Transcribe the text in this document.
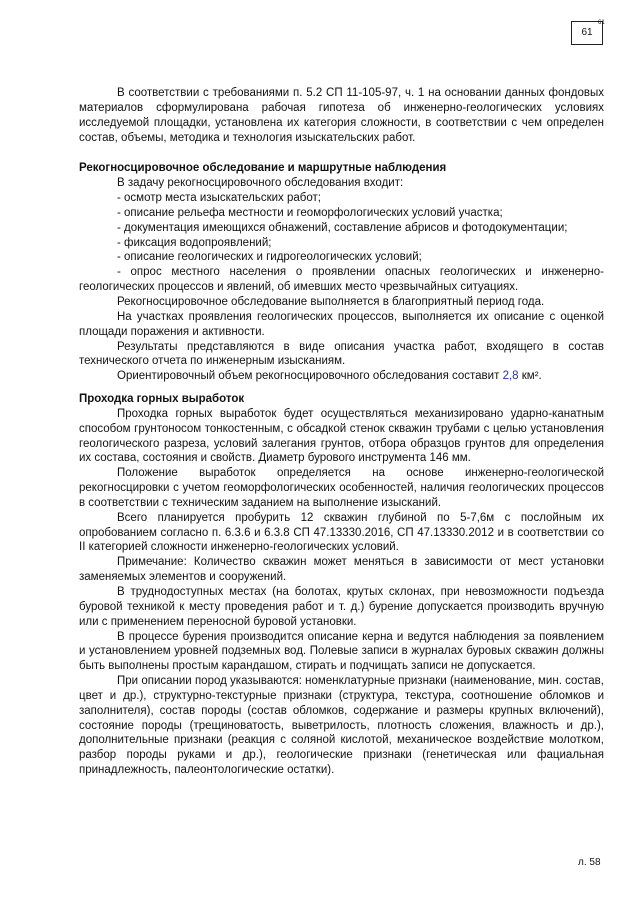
61
61

В соответствии с требованиями п. 5.2 СП 11-105-97, ч. 1 на основании данных фондовых материалов сформулирована рабочая гипотеза об инженерно-геологических условиях исследуемой площадки, установлена их категория сложности, в соответствии с чем определен состав, объемы, методика и технология изыскательских работ.

Рекогносцировочное обследование и маршрутные наблюдения

В задачу рекогносцировочного обследования входит:

- осмотр места изыскательских работ;

- описание рельефа местности и геоморфологических условий участка;

- документация имеющихся обнажений, составление абрисов и фотодокументации;

- фиксация водопроявлений;

- описание геологических и гидрогеологических условий;

- опрос местного населения о проявлении опасных геологических и инженерно-геологических процессов и явлений, об имевших место чрезвычайных ситуациях.

Рекогносцировочное обследование выполняется в благоприятный период года.

На участках проявления геологических процессов, выполняется их описание с оценкой площади поражения и активности.

Результаты представляются в виде описания участка работ, входящего в состав технического отчета по инженерным изысканиям.

Ориентировочный объем рекогносцировочного обследования составит 2,8 км².

Проходка горных выработок

Проходка горных выработок будет осуществляться механизировано ударно-канатным способом грунтоносом тонкостенным, с обсадкой стенок скважин трубами с целью установления геологического разреза, условий залегания грунтов, отбора образцов грунтов для определения их состава, состояния и свойств. Диаметр бурового инструмента 146 мм.

Положение выработок определяется на основе инженерно-геологической рекогносцировки с учетом геоморфологических особенностей, наличия геологических процессов в соответствии с техническим заданием на выполнение изысканий.

Всего планируется пробурить 12 скважин глубиной по 5-7,6м с послойным их опробованием согласно п. 6.3.6 и 6.3.8 СП 47.13330.2016, СП 47.13330.2012 и в соответствии со II категорией сложности инженерно-геологических условий.

Примечание: Количество скважин может меняться в зависимости от мест установки заменяемых элементов и сооружений.

В труднодоступных местах (на болотах, крутых склонах, при невозможности подъезда буровой техникой к месту проведения работ и т. д.) бурение допускается производить вручную или с применением переносной буровой установки.

В процессе бурения производится описание керна и ведутся наблюдения за появлением и установлением уровней подземных вод. Полевые записи в журналах буровых скважин должны быть выполнены простым карандашом, стирать и подчищать записи не допускается.

При описании пород указываются: номенклатурные признаки (наименование, мин. состав, цвет и др.), структурно-текстурные признаки (структура, текстура, соотношение обломков и заполнителя), состав породы (состав обломков, содержание и размеры крупных включений), состояние породы (трещиноватость, выветрилость, плотность сложения, влажность и др.), дополнительные признаки (реакция с соляной кислотой, механическое воздействие молотком, разбор породы руками и др.), геологические признаки (генетическая или фациальная принадлежность, палеонтологические остатки).

л. 58
